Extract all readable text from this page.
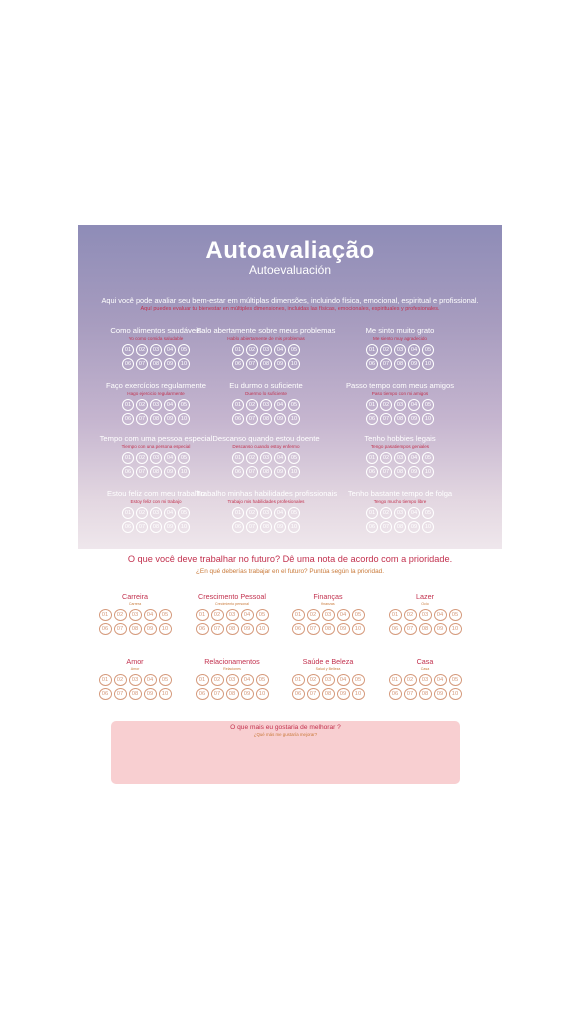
Autoavaliação
Autoevaluación
Aqui você pode avaliar seu bem-estar em múltiplas dimensões, incluindo física, emocional, espiritual e profissional.
Aquí puedes evaluar tu bienestar en múltiples dimensiones, incluidas las físicas, emocionales, espirituales y profesionales.
Como alimentos saudáveis
Yo como comida saludable
01	02	03	04	05
06	07	08	09	10
Falo abertamente sobre meus problemas
Hablo abiertamente de mis problemas
01	02	03	04	05
06	07	08	09	10
Me sinto muito grato
Me siento muy agradecido
01	02	03	04	05
06	07	08	09	10
Faço exercícios regularmente
Hago ejercicio regularmente
01	02	03	04	05
06	07	08	09	10
Eu durmo o suficiente
Duermo lo suficiente
01	02	03	04	05
06	07	08	09	10
Passo tempo com meus amigos
Paso tiempo con mi amigos
01	02	03	04	05
06	07	08	09	10
Tempo com uma pessoa especial
Tiempo con una persona especial
01	02	03	04	05
06	07	08	09	10
Descanso quando estou doente
Descanso cuando estoy enfermo
01	02	03	04	05
06	07	08	09	10
Tenho hobbies legais
Tengo pasatiempos geniales
01	02	03	04	05
06	07	08	09	10
Estou feliz com meu trabalho
Estoy feliz con mi trabajo
01	02	03	04	05
06	07	08	09	10
Trabalho minhas habilidades profissionais
Trabajo mis habilidades profesionales
01	02	03	04	05
06	07	08	09	10
Tenho bastante tempo de folga
Tengo mucho tiempo libre
01	02	03	04	05
06	07	08	09	10
O que você deve trabalhar no futuro? Dê uma nota de acordo com a prioridade.
¿En qué deberías trabajar en el futuro? Puntúa según la prioridad.
Carreira
Carrera
01	02	03	04	05
06	07	08	09	10
Crescimento Pessoal
Crecimiento personal
01	02	03	04	05
06	07	08	09	10
Finanças
finanzas
01	02	03	04	05
06	07	08	09	10
Lazer
Ocio
01	02	03	04	05
06	07	08	09	10
Amor
Amor
01	02	03	04	05
06	07	08	09	10
Relacionamentos
Relaciones
01	02	03	04	05
06	07	08	09	10
Saúde e Beleza
Salud y Belleza
01	02	03	04	05
06	07	08	09	10
Casa
Casa
01	02	03	04	05
06	07	08	09	10
O que mais eu gostaria de melhorar ?
¿Qué más me gustaría mejorar?
